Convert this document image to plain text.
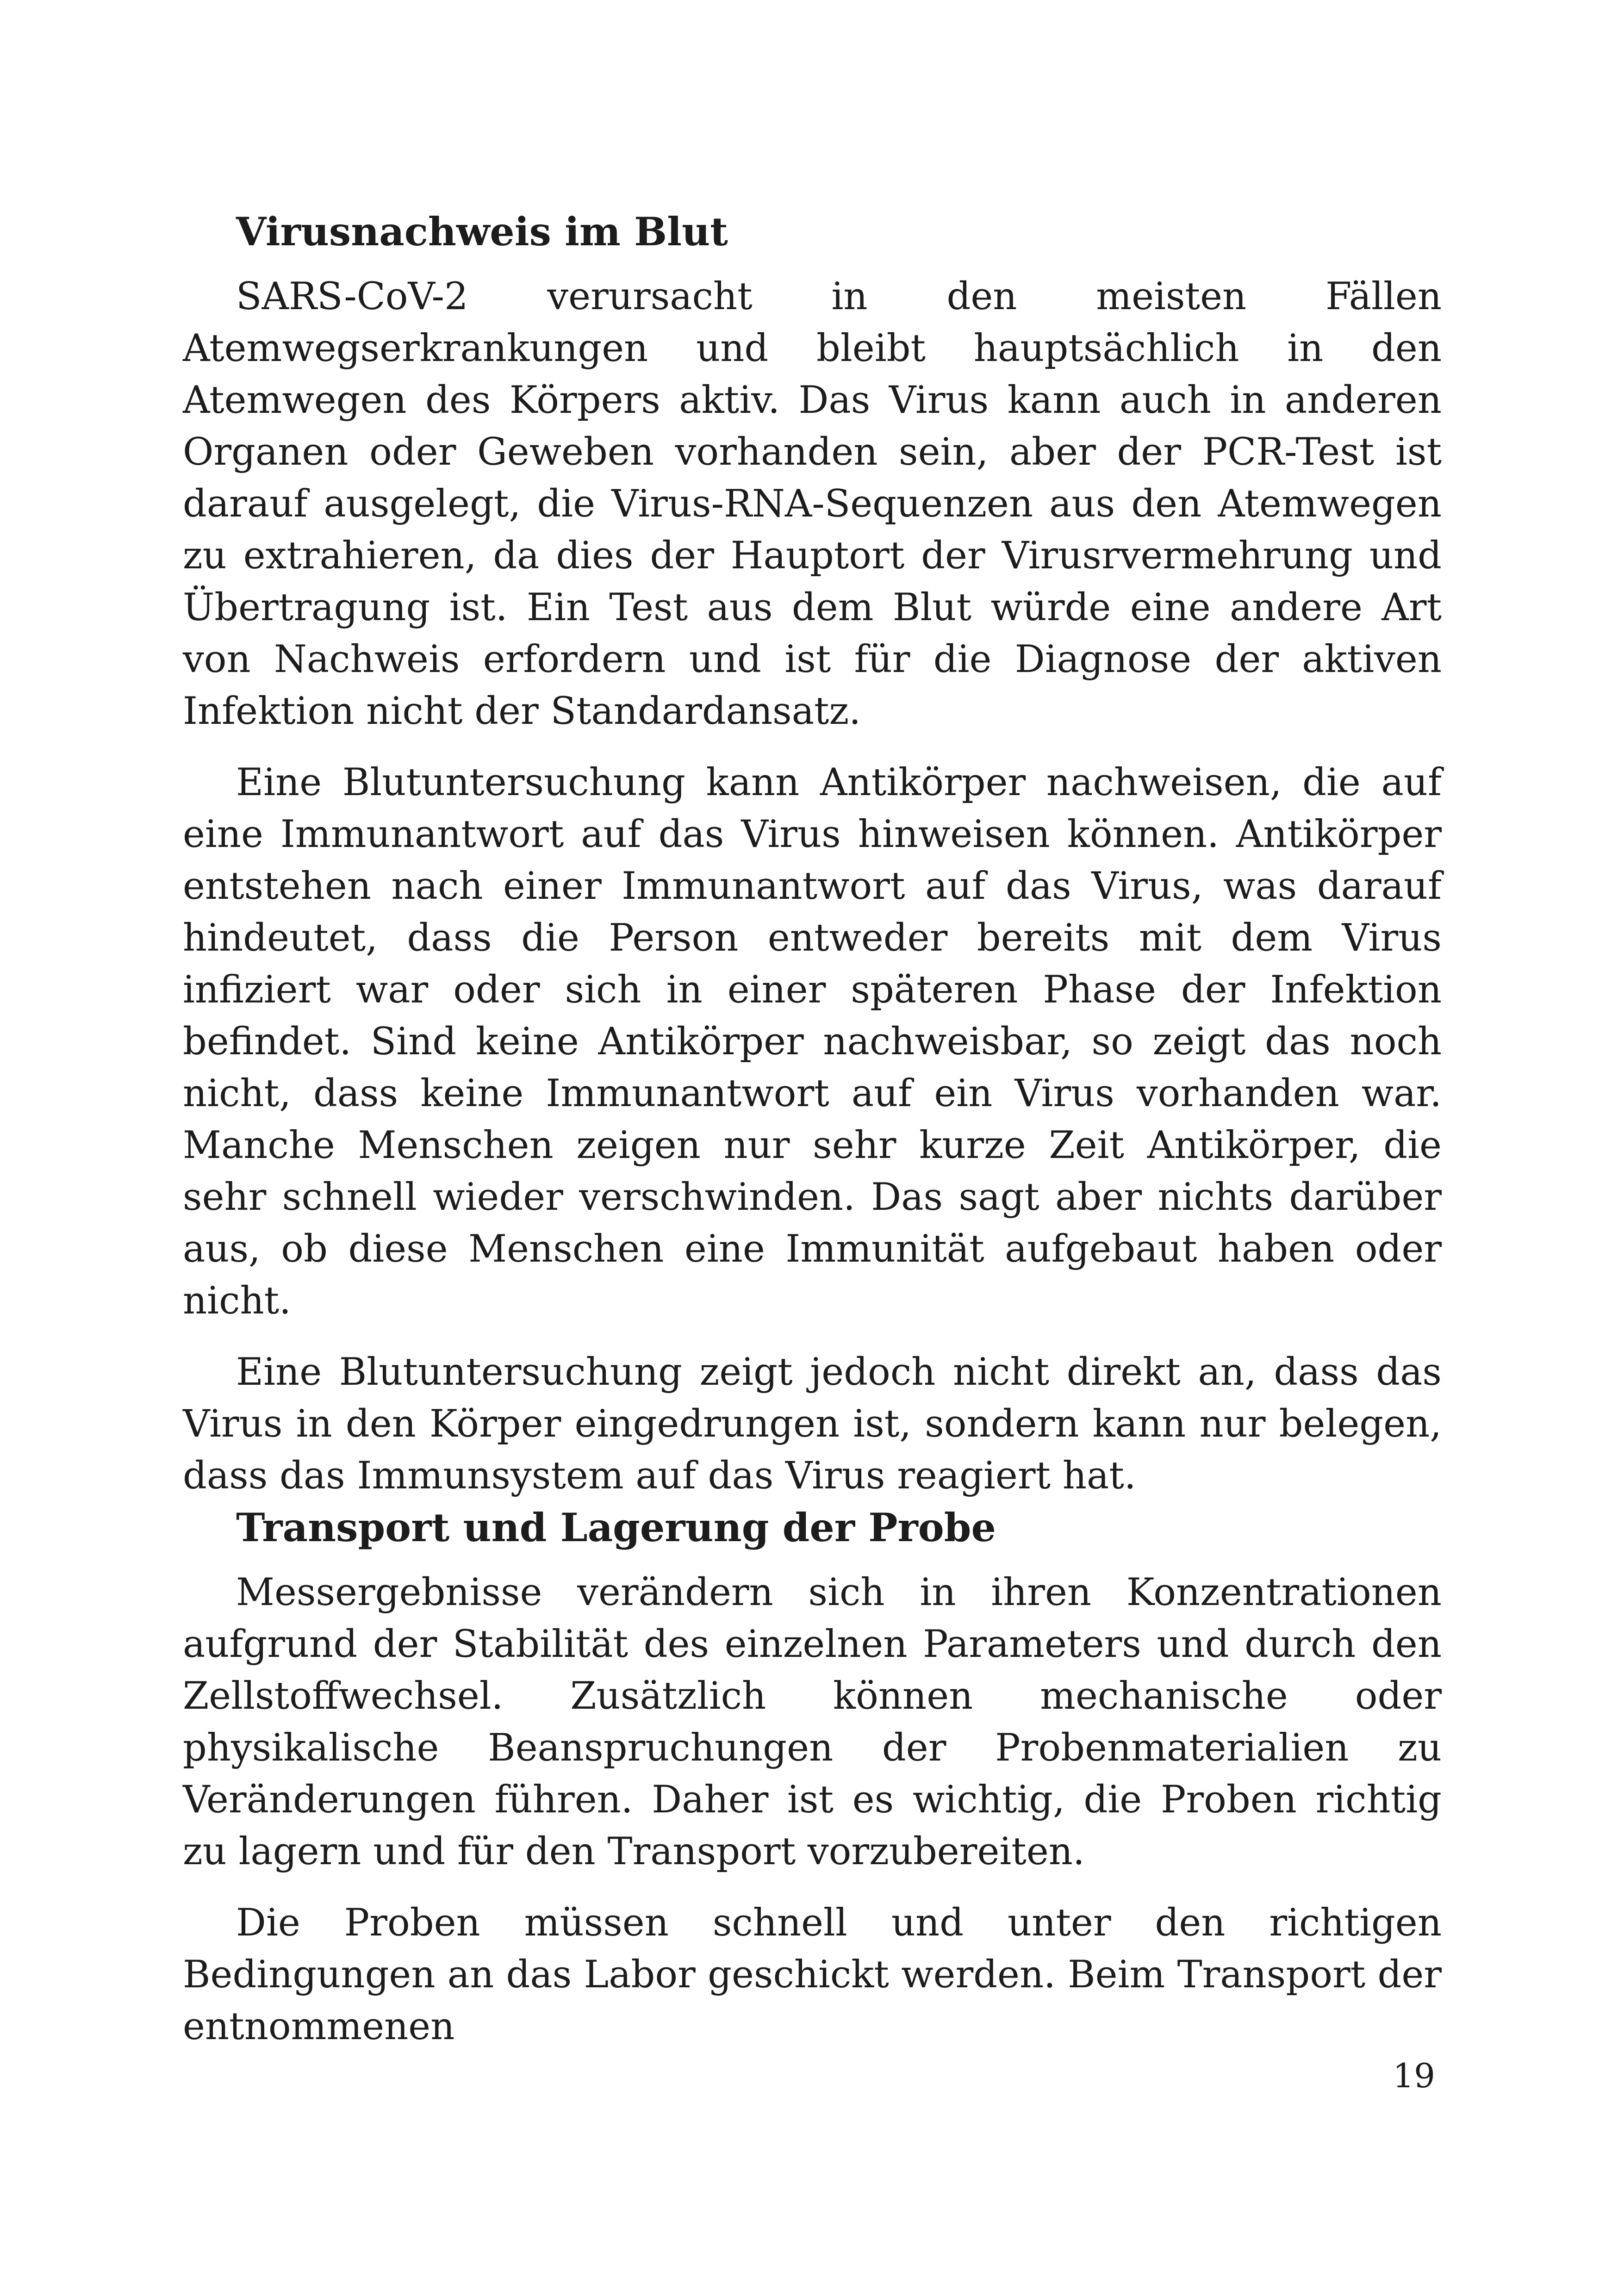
Virusnachweis im Blut

SARS-CoV-2 verursacht in den meisten Fällen Atemwegserkrankungen und bleibt hauptsächlich in den Atemwegen des Körpers aktiv. Das Virus kann auch in anderen Organen oder Geweben vorhanden sein, aber der PCR-Test ist darauf ausgelegt, die Virus-RNA-Sequenzen aus den Atemwegen zu extrahieren, da dies der Hauptort der Virusrvermehrung und Übertragung ist. Ein Test aus dem Blut würde eine andere Art von Nachweis erfordern und ist für die Diagnose der aktiven Infektion nicht der Standardansatz.

Eine Blutuntersuchung kann Antikörper nachweisen, die auf eine Immunantwort auf das Virus hinweisen können. Antikörper entstehen nach einer Immunantwort auf das Virus, was darauf hindeutet, dass die Person entweder bereits mit dem Virus infiziert war oder sich in einer späteren Phase der Infektion befindet. Sind keine Antikörper nachweisbar, so zeigt das noch nicht, dass keine Immunantwort auf ein Virus vorhanden war. Manche Menschen zeigen nur sehr kurze Zeit Antikörper, die sehr schnell wieder verschwinden. Das sagt aber nichts darüber aus, ob diese Menschen eine Immunität aufgebaut haben oder nicht.

Eine Blutuntersuchung zeigt jedoch nicht direkt an, dass das Virus in den Körper eingedrungen ist, sondern kann nur belegen, dass das Immunsystem auf das Virus reagiert hat.

Transport und Lagerung der Probe

Messergebnisse verändern sich in ihren Konzentrationen aufgrund der Stabilität des einzelnen Parameters und durch den Zellstoffwechsel. Zusätzlich können mechanische oder physikalische Beanspruchungen der Probenmaterialien zu Veränderungen führen. Daher ist es wichtig, die Proben richtig zu lagern und für den Transport vorzubereiten.

Die Proben müssen schnell und unter den richtigen Bedingungen an das Labor geschickt werden. Beim Transport der entnommenen

19
